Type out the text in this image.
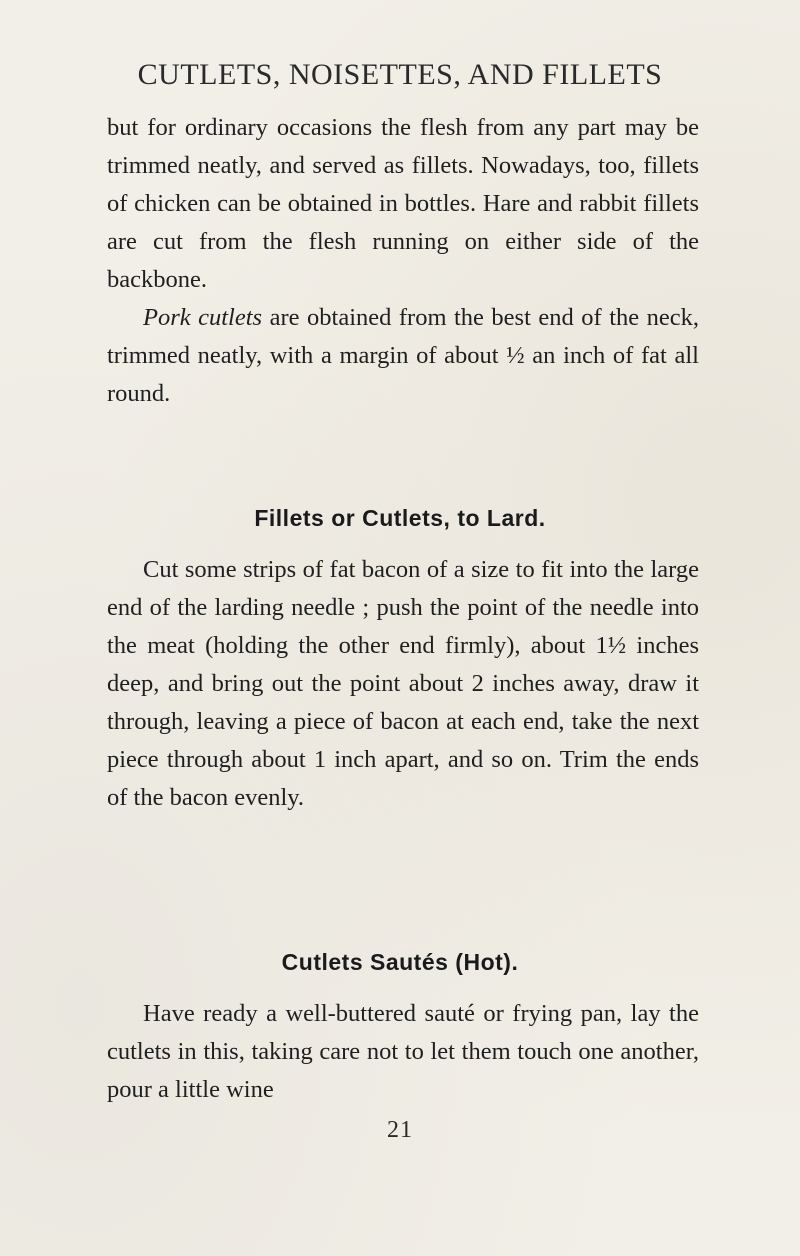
CUTLETS, NOISETTES, AND FILLETS

but for ordinary occasions the flesh from any part may be trimmed neatly, and served as fillets. Nowadays, too, fillets of chicken can be obtained in bottles. Hare and rabbit fillets are cut from the flesh running on either side of the backbone.

Pork cutlets are obtained from the best end of the neck, trimmed neatly, with a margin of about ½ an inch of fat all round.

Fillets or Cutlets, to Lard.

Cut some strips of fat bacon of a size to fit into the large end of the larding needle ; push the point of the needle into the meat (holding the other end firmly), about 1½ inches deep, and bring out the point about 2 inches away, draw it through, leaving a piece of bacon at each end, take the next piece through about 1 inch apart, and so on. Trim the ends of the bacon evenly.

Cutlets Sautés (Hot).

Have ready a well-buttered sauté or frying pan, lay the cutlets in this, taking care not to let them touch one another, pour a little wine

21
